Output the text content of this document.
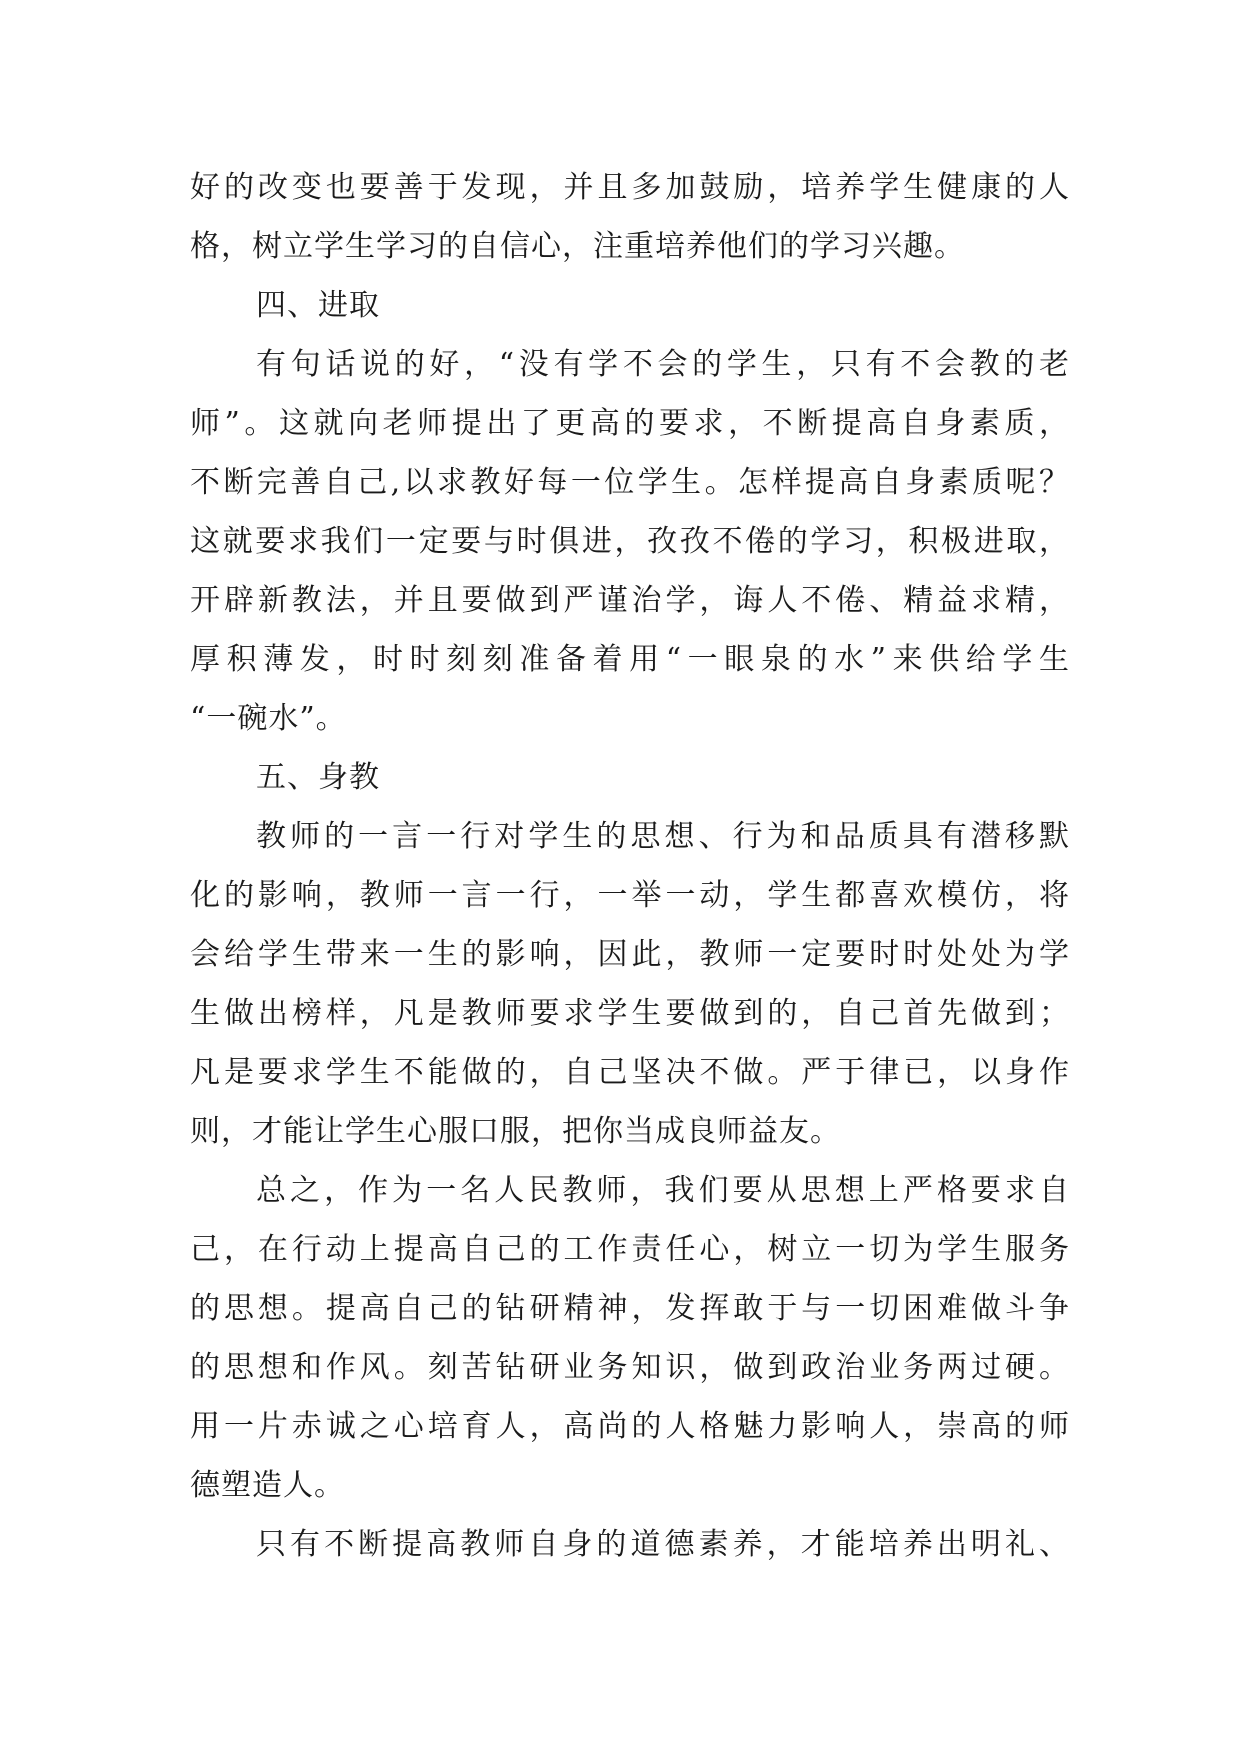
好的改变也要善于发现，并且多加鼓励，培养学生健康的人
格，树立学生学习的自信心，注重培养他们的学习兴趣。
四、进取
有句话说的好，“没有学不会的学生，只有不会教的老
师”。这就向老师提出了更高的要求，不断提高自身素质，
不断完善自己,以求教好每一位学生。怎样提高自身素质呢？
这就要求我们一定要与时俱进，孜孜不倦的学习，积极进取，
开辟新教法，并且要做到严谨治学，诲人不倦、精益求精，
厚积薄发，时时刻刻准备着用“一眼泉的水”来供给学生
“一碗水”。
五、身教
教师的一言一行对学生的思想、行为和品质具有潜移默
化的影响，教师一言一行，一举一动，学生都喜欢模仿，将
会给学生带来一生的影响，因此，教师一定要时时处处为学
生做出榜样，凡是教师要求学生要做到的，自己首先做到；
凡是要求学生不能做的，自己坚决不做。严于律已，以身作
则，才能让学生心服口服，把你当成良师益友。
总之，作为一名人民教师，我们要从思想上严格要求自
己，在行动上提高自己的工作责任心，树立一切为学生服务
的思想。提高自己的钻研精神，发挥敢于与一切困难做斗争
的思想和作风。刻苦钻研业务知识，做到政治业务两过硬。
用一片赤诚之心培育人，高尚的人格魅力影响人，崇高的师
德塑造人。
只有不断提高教师自身的道德素养，才能培养出明礼、
